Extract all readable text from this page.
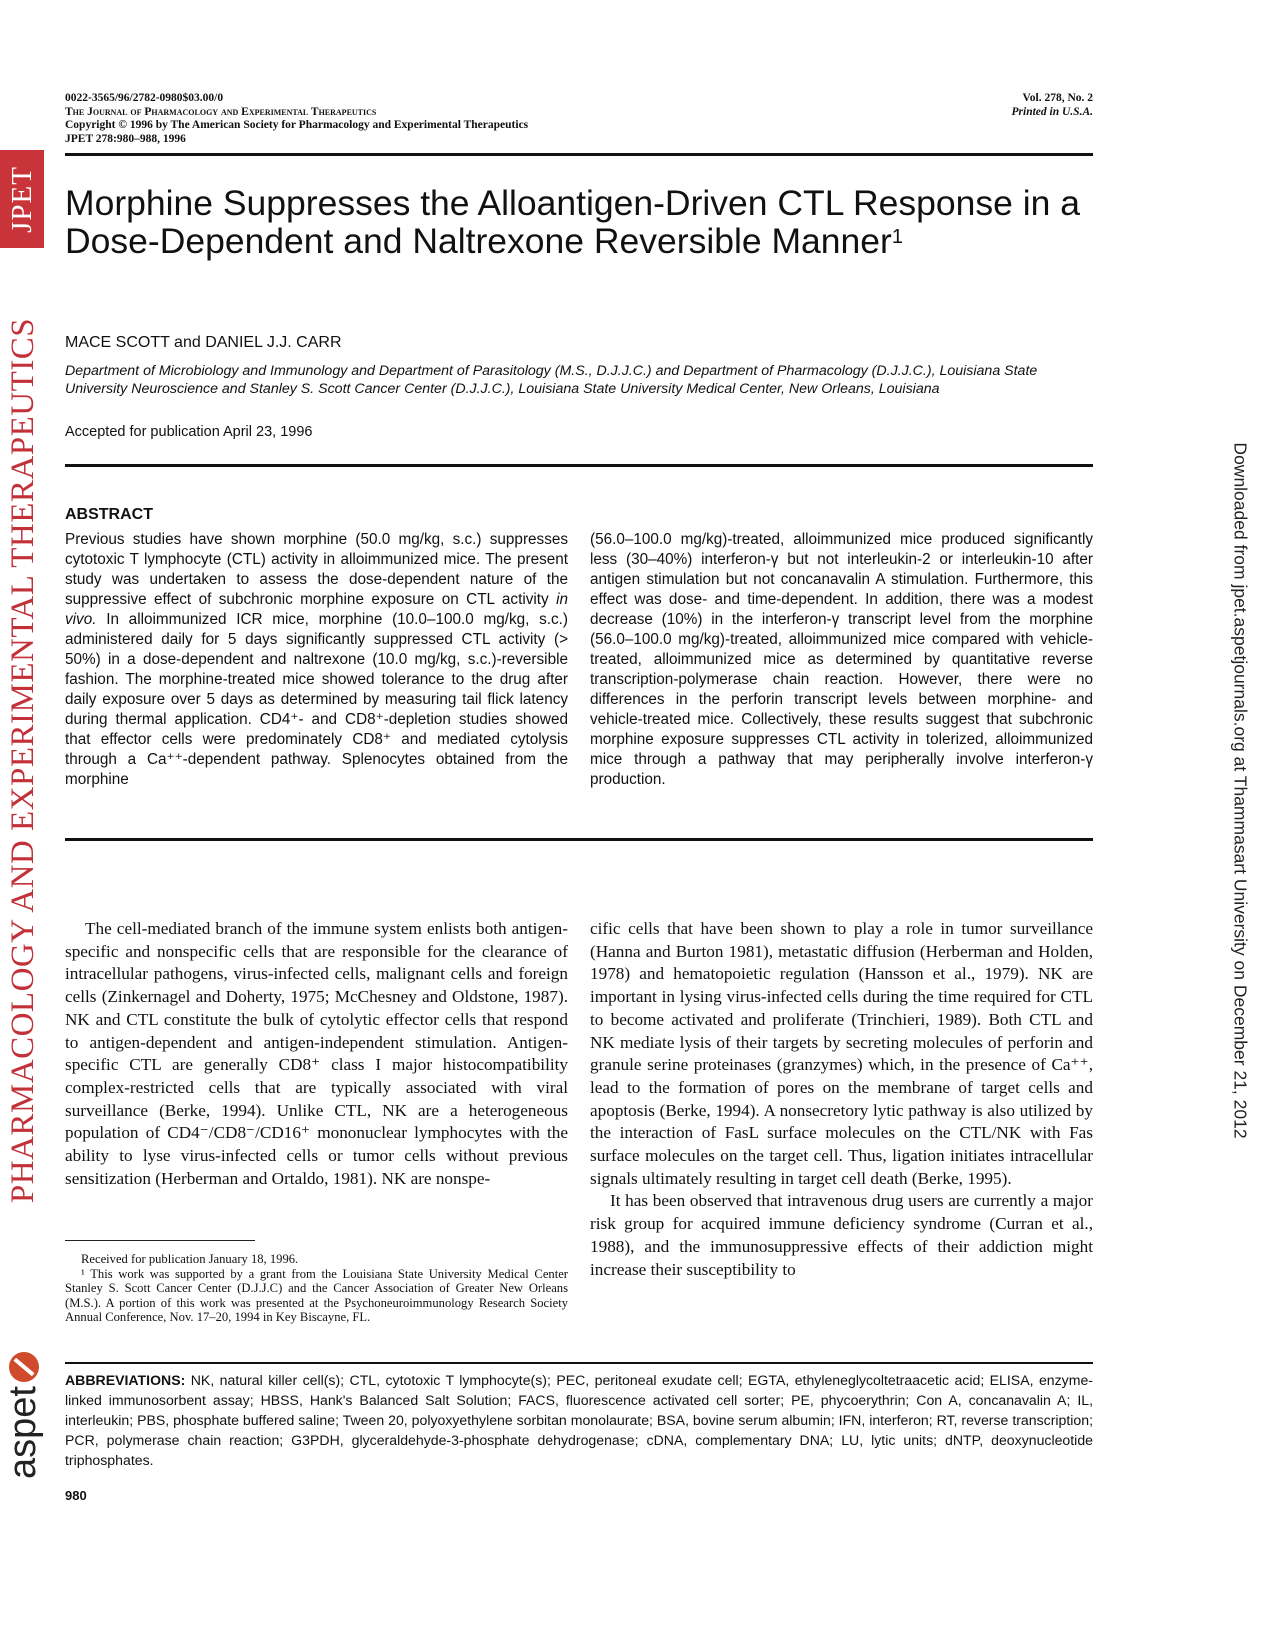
JPET
PHARMACOLOGY AND EXPERIMENTAL THERAPEUTICS
aspet
Downloaded from jpet.aspetjournals.org at Thammasart University on December 21, 2012
0022-3565/96/2782-0980$03.00/0
The Journal of Pharmacology and Experimental Therapeutics
Copyright © 1996 by The American Society for Pharmacology and Experimental Therapeutics
JPET 278:980–988, 1996
Vol. 278, No. 2
Printed in U.S.A.
Morphine Suppresses the Alloantigen-Driven CTL Response in a Dose-Dependent and Naltrexone Reversible Manner$^1$
MACE SCOTT and DANIEL J.J. CARR
Department of Microbiology and Immunology and Department of Parasitology (M.S., D.J.J.C.) and Department of Pharmacology (D.J.J.C.), Louisiana State University Neuroscience and Stanley S. Scott Cancer Center (D.J.J.C.), Louisiana State University Medical Center, New Orleans, Louisiana
Accepted for publication April 23, 1996
ABSTRACT

Previous studies have shown morphine (50.0 mg/kg, s.c.) suppresses cytotoxic T lymphocyte (CTL) activity in alloimmunized mice. The present study was undertaken to assess the dose-dependent nature of the suppressive effect of subchronic morphine exposure on CTL activity in vivo. In alloimmunized ICR mice, morphine (10.0–100.0 mg/kg, s.c.) administered daily for 5 days significantly suppressed CTL activity (> 50%) in a dose-dependent and naltrexone (10.0 mg/kg, s.c.)-reversible fashion. The morphine-treated mice showed tolerance to the drug after daily exposure over 5 days as determined by measuring tail flick latency during thermal application. CD4⁺- and CD8⁺-depletion studies showed that effector cells were predominately CD8⁺ and mediated cytolysis through a Ca⁺⁺-dependent pathway. Splenocytes obtained from the morphine

(56.0–100.0 mg/kg)-treated, alloimmunized mice produced significantly less (30–40%) interferon-γ but not interleukin-2 or interleukin-10 after antigen stimulation but not concanavalin A stimulation. Furthermore, this effect was dose- and time-dependent. In addition, there was a modest decrease (10%) in the interferon-γ transcript level from the morphine (56.0–100.0 mg/kg)-treated, alloimmunized mice compared with vehicle-treated, alloimmunized mice as determined by quantitative reverse transcription-polymerase chain reaction. However, there were no differences in the perforin transcript levels between morphine- and vehicle-treated mice. Collectively, these results suggest that subchronic morphine exposure suppresses CTL activity in tolerized, alloimmunized mice through a pathway that may peripherally involve interferon-γ production.

The cell-mediated branch of the immune system enlists both antigen- specific and nonspecific cells that are responsible for the clearance of intracellular pathogens, virus-infected cells, malignant cells and foreign cells (Zinkernagel and Doherty, 1975; McChesney and Oldstone, 1987). NK and CTL constitute the bulk of cytolytic effector cells that respond to antigen-dependent and antigen-independent stimulation. Antigen-specific CTL are generally CD8⁺ class I major histocompatibility complex-restricted cells that are typically associated with viral surveillance (Berke, 1994). Unlike CTL, NK are a heterogeneous population of CD4⁻/CD8⁻/CD16⁺ mononuclear lymphocytes with the ability to lyse virus-infected cells or tumor cells without previous sensitization (Herberman and Ortaldo, 1981). NK are nonspe-

cific cells that have been shown to play a role in tumor surveillance (Hanna and Burton 1981), metastatic diffusion (Herberman and Holden, 1978) and hematopoietic regulation (Hansson et al., 1979). NK are important in lysing virus-infected cells during the time required for CTL to become activated and proliferate (Trinchieri, 1989). Both CTL and NK mediate lysis of their targets by secreting molecules of perforin and granule serine proteinases (granzymes) which, in the presence of Ca⁺⁺, lead to the formation of pores on the membrane of target cells and apoptosis (Berke, 1994). A nonsecretory lytic pathway is also utilized by the interaction of FasL surface molecules on the CTL/NK with Fas surface molecules on the target cell. Thus, ligation initiates intracellular signals ultimately resulting in target cell death (Berke, 1995).

It has been observed that intravenous drug users are currently a major risk group for acquired immune deficiency syndrome (Curran et al., 1988), and the immunosuppressive effects of their addiction might increase their susceptibility to

Received for publication January 18, 1996.

¹ This work was supported by a grant from the Louisiana State University Medical Center Stanley S. Scott Cancer Center (D.J.J.C) and the Cancer Association of Greater New Orleans (M.S.). A portion of this work was presented at the Psychoneuroimmunology Research Society Annual Conference, Nov. 17–20, 1994 in Key Biscayne, FL.

ABBREVIATIONS: NK, natural killer cell(s); CTL, cytotoxic T lymphocyte(s); PEC, peritoneal exudate cell; EGTA, ethyleneglycoltetraacetic acid; ELISA, enzyme-linked immunosorbent assay; HBSS, Hank's Balanced Salt Solution; FACS, fluorescence activated cell sorter; PE, phycoerythrin; Con A, concanavalin A; IL, interleukin; PBS, phosphate buffered saline; Tween 20, polyoxyethylene sorbitan monolaurate; BSA, bovine serum albumin; IFN, interferon; RT, reverse transcription; PCR, polymerase chain reaction; G3PDH, glyceraldehyde-3-phosphate dehydrogenase; cDNA, complementary DNA; LU, lytic units; dNTP, deoxynucleotide triphosphates.
980
